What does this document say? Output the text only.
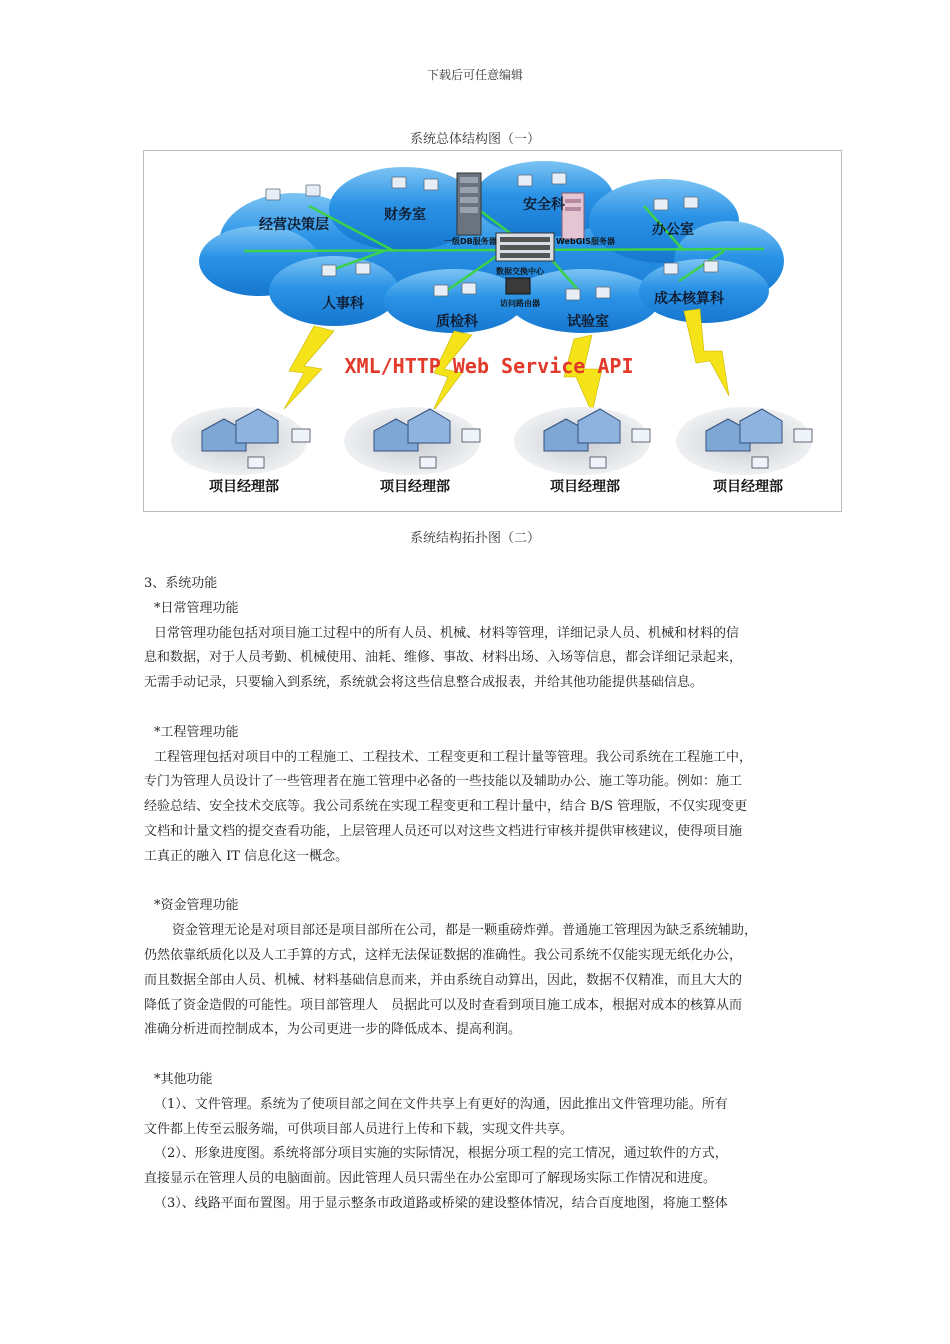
下载后可任意编辑
系统总体结构图（一）
一级DB服务器	WebGIS服务器
数据交换中心
访问路由器
经营决策层
财务室
安全科
办公室
人事科
质检科	试验室
成本核算科
XML/HTTP Web Service API
项目经理部	项目经理部	项目经理部	项目经理部
系统结构拓扑图（二）

3、系统功能

*日常管理功能

日常管理功能包括对项目施工过程中的所有人员、机械、材料等管理，详细记录人员、机械和材料的信

息和数据，对于人员考勤、机械使用、油耗、维修、事故、材料出场、入场等信息，都会详细记录起来，

无需手动记录，只要输入到系统，系统就会将这些信息整合成报表，并给其他功能提供基础信息。

*工程管理功能

工程管理包括对项目中的工程施工、工程技术、工程变更和工程计量等管理。我公司系统在工程施工中，

专门为管理人员设计了一些管理者在施工管理中必备的一些技能以及辅助办公、施工等功能。例如：施工

经验总结、安全技术交底等。我公司系统在实现工程变更和工程计量中，结合 B/S 管理版，不仅实现变更

文档和计量文档的提交查看功能，上层管理人员还可以对这些文档进行审核并提供审核建议，使得项目施

工真正的融入 IT 信息化这一概念。

*资金管理功能

资金管理无论是对项目部还是项目部所在公司，都是一颗重磅炸弹。普通施工管理因为缺乏系统辅助，

仍然依靠纸质化以及人工手算的方式，这样无法保证数据的准确性。我公司系统不仅能实现无纸化办公，

而且数据全部由人员、机械、材料基础信息而来，并由系统自动算出，因此，数据不仅精准，而且大大的

降低了资金造假的可能性。项目部管理人　员据此可以及时查看到项目施工成本，根据对成本的核算从而

准确分析进而控制成本，为公司更进一步的降低成本、提高利润。

*其他功能

（1）、文件管理。系统为了使项目部之间在文件共享上有更好的沟通，因此推出文件管理功能。所有

文件都上传至云服务端，可供项目部人员进行上传和下载，实现文件共享。

（2）、形象进度图。系统将部分项目实施的实际情况，根据分项工程的完工情况，通过软件的方式，

直接显示在管理人员的电脑面前。因此管理人员只需坐在办公室即可了解现场实际工作情况和进度。

（3）、线路平面布置图。用于显示整条市政道路或桥梁的建设整体情况，结合百度地图，将施工整体
